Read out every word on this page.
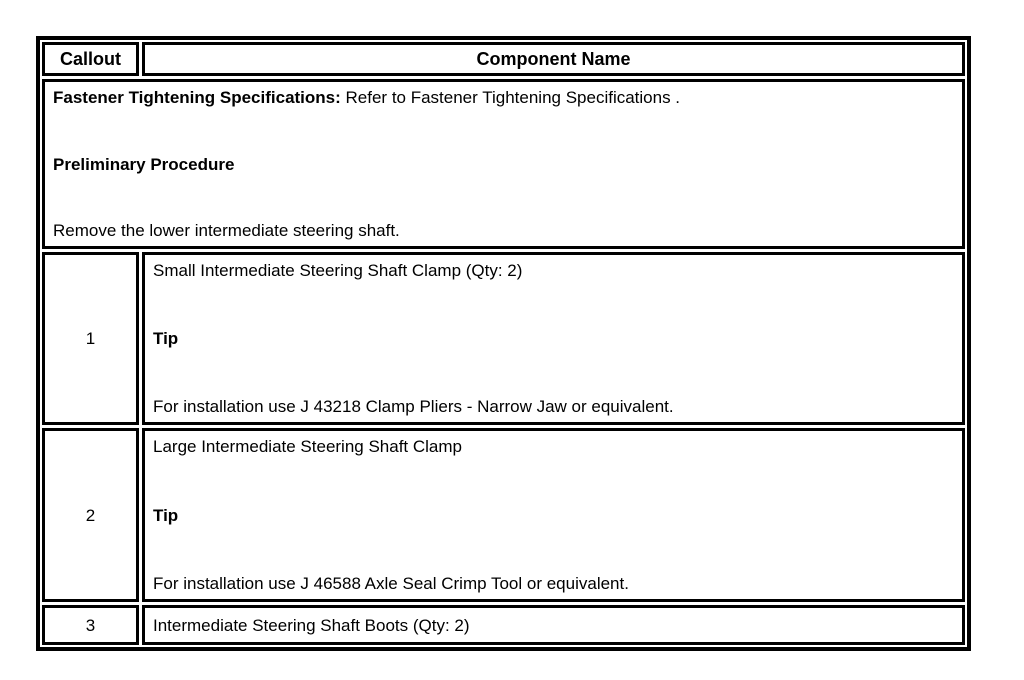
Callout	Component Name
Fastener Tightening Specifications: Refer to Fastener Tightening Specifications .
Preliminary Procedure
Remove the lower intermediate steering shaft.
1
Small Intermediate Steering Shaft Clamp (Qty: 2)
Tip
For installation use J 43218 Clamp Pliers - Narrow Jaw or equivalent.
2
Large Intermediate Steering Shaft Clamp
Tip
For installation use J 46588 Axle Seal Crimp Tool or equivalent.
3	Intermediate Steering Shaft Boots (Qty: 2)
